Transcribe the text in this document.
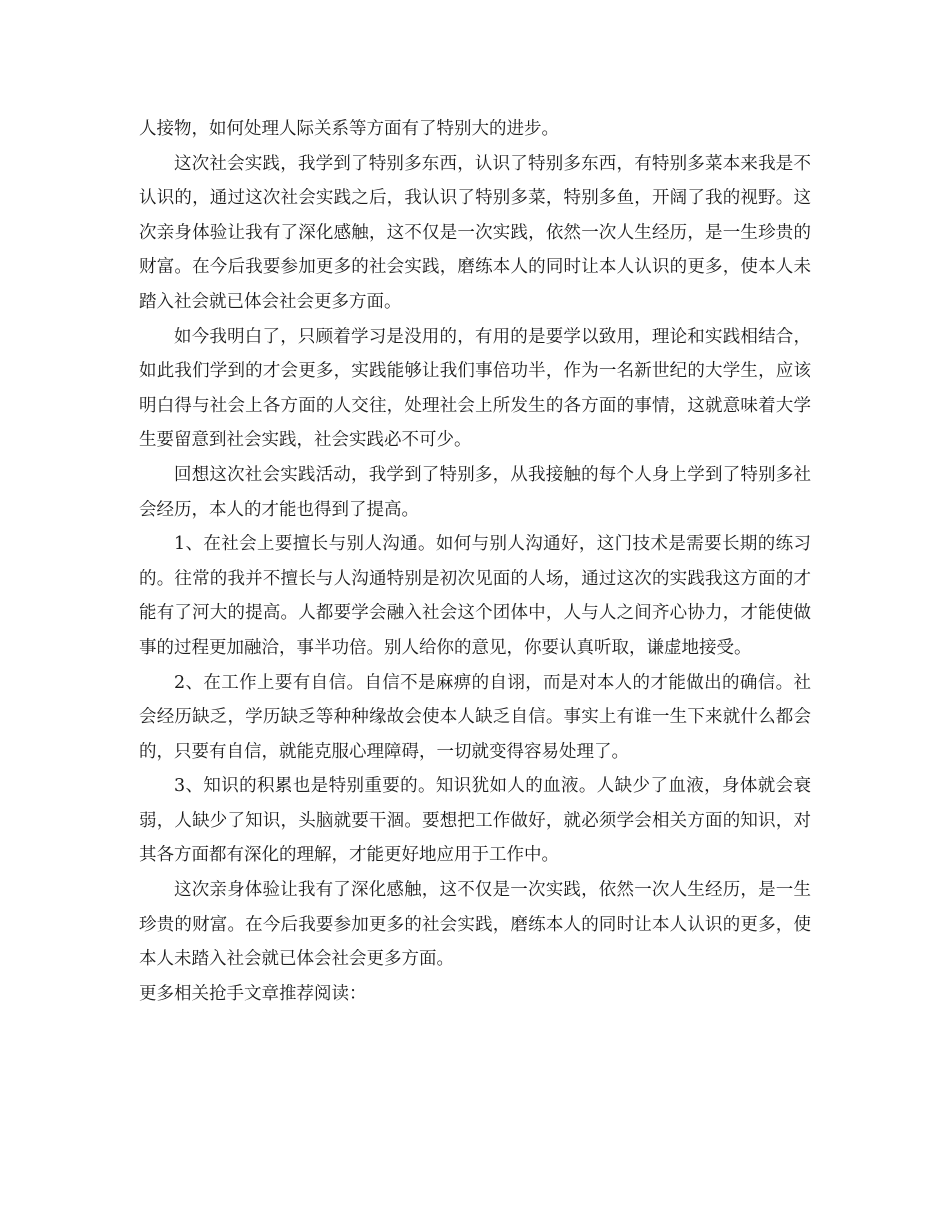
人接物，如何处理人际关系等方面有了特别大的进步。

这次社会实践，我学到了特别多东西，认识了特别多东西，有特别多菜本来我是不认识的，通过这次社会实践之后，我认识了特别多菜，特别多鱼，开阔了我的视野。这次亲身体验让我有了深化感触，这不仅是一次实践，依然一次人生经历，是一生珍贵的财富。在今后我要参加更多的社会实践，磨练本人的同时让本人认识的更多，使本人未踏入社会就已体会社会更多方面。

如今我明白了，只顾着学习是没用的，有用的是要学以致用，理论和实践相结合，如此我们学到的才会更多，实践能够让我们事倍功半，作为一名新世纪的大学生，应该明白得与社会上各方面的人交往，处理社会上所发生的各方面的事情，这就意味着大学生要留意到社会实践，社会实践必不可少。

回想这次社会实践活动，我学到了特别多，从我接触的每个人身上学到了特别多社会经历，本人的才能也得到了提高。

1、在社会上要擅长与别人沟通。如何与别人沟通好，这门技术是需要长期的练习的。往常的我并不擅长与人沟通特别是初次见面的人场，通过这次的实践我这方面的才能有了河大的提高。人都要学会融入社会这个团体中，人与人之间齐心协力，才能使做事的过程更加融洽，事半功倍。别人给你的意见，你要认真听取，谦虚地接受。

2、在工作上要有自信。自信不是麻痹的自诩，而是对本人的才能做出的确信。社会经历缺乏，学历缺乏等种种缘故会使本人缺乏自信。事实上有谁一生下来就什么都会的，只要有自信，就能克服心理障碍，一切就变得容易处理了。

3、知识的积累也是特别重要的。知识犹如人的血液。人缺少了血液，身体就会衰弱，人缺少了知识，头脑就要干涸。要想把工作做好，就必须学会相关方面的知识，对其各方面都有深化的理解，才能更好地应用于工作中。

这次亲身体验让我有了深化感触，这不仅是一次实践，依然一次人生经历，是一生珍贵的财富。在今后我要参加更多的社会实践，磨练本人的同时让本人认识的更多，使本人未踏入社会就已体会社会更多方面。

更多相关抢手文章推荐阅读：
